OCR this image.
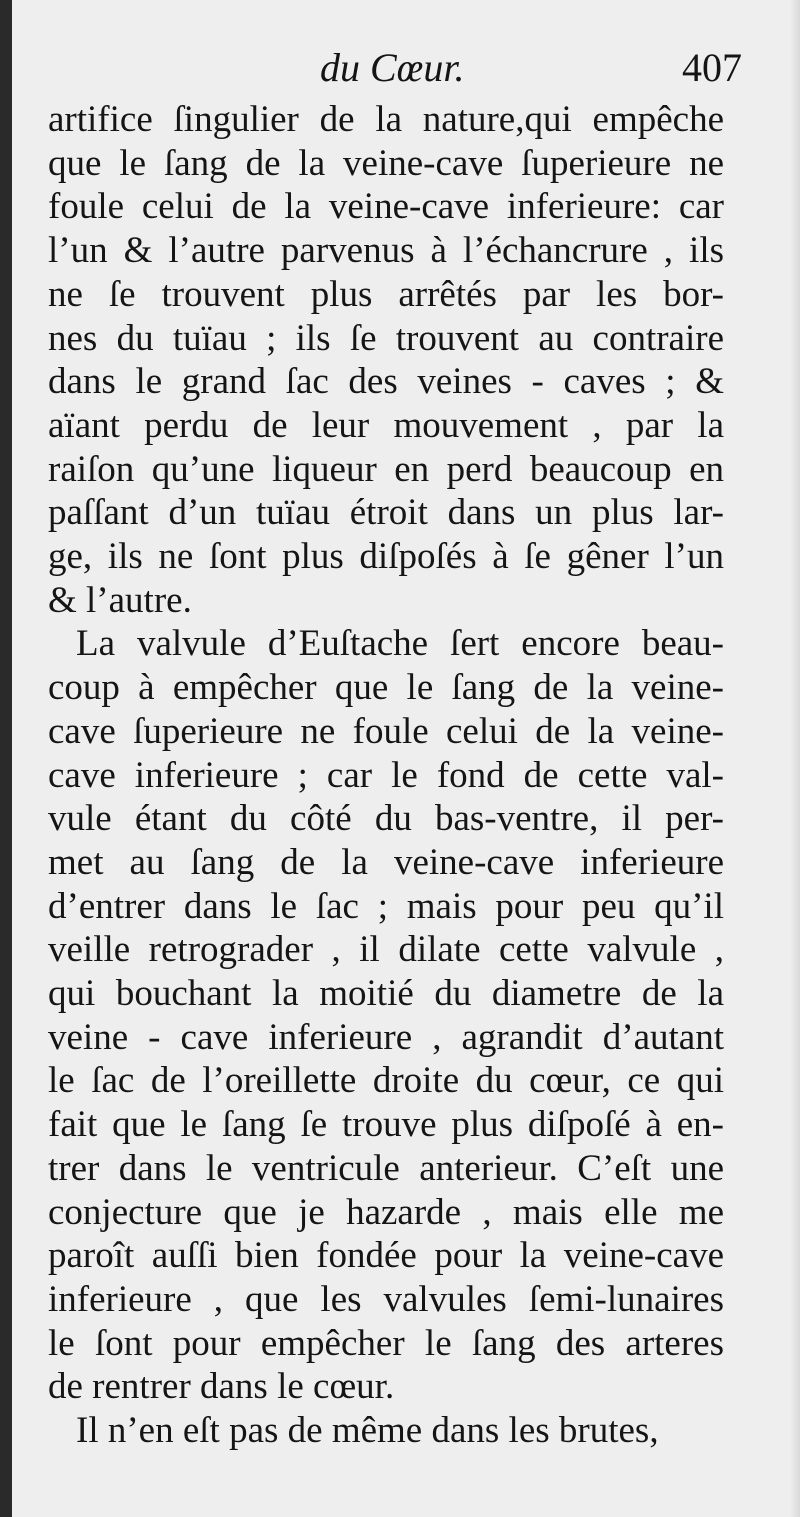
du Cœur.	407
artifice ſingulier de la nature,qui empêche
que le ſang de la veine-cave ſuperieure ne
foule celui de la veine-cave inferieure: car
l’un & l’autre parvenus à l’échancrure , ils
ne ſe trouvent plus arrêtés par les bor-
nes du tuïau ; ils ſe trouvent au contraire
dans le grand ſac des veines - caves ; &
aïant perdu de leur mouvement , par la
raiſon qu’une liqueur en perd beaucoup en
paſſant d’un tuïau étroit dans un plus lar-
ge, ils ne ſont plus diſpoſés à ſe gêner l’un
& l’autre.
La valvule d’Euſtache ſert encore beau-
coup à empêcher que le ſang de la veine-
cave ſuperieure ne foule celui de la veine-
cave inferieure ; car le fond de cette val-
vule étant du côté du bas-ventre, il per-
met au ſang de la veine-cave inferieure
d’entrer dans le ſac ; mais pour peu qu’il
veille retrograder , il dilate cette valvule ,
qui bouchant la moitié du diametre de la
veine - cave inferieure , agrandit d’autant
le ſac de l’oreillette droite du cœur, ce qui
fait que le ſang ſe trouve plus diſpoſé à en-
trer dans le ventricule anterieur. C’eſt une
conjecture que je hazarde , mais elle me
paroît auſſi bien fondée pour la veine-cave
inferieure , que les valvules ſemi-lunaires
le ſont pour empêcher le ſang des arteres
de rentrer dans le cœur.
Il n’en eſt pas de même dans les brutes,
